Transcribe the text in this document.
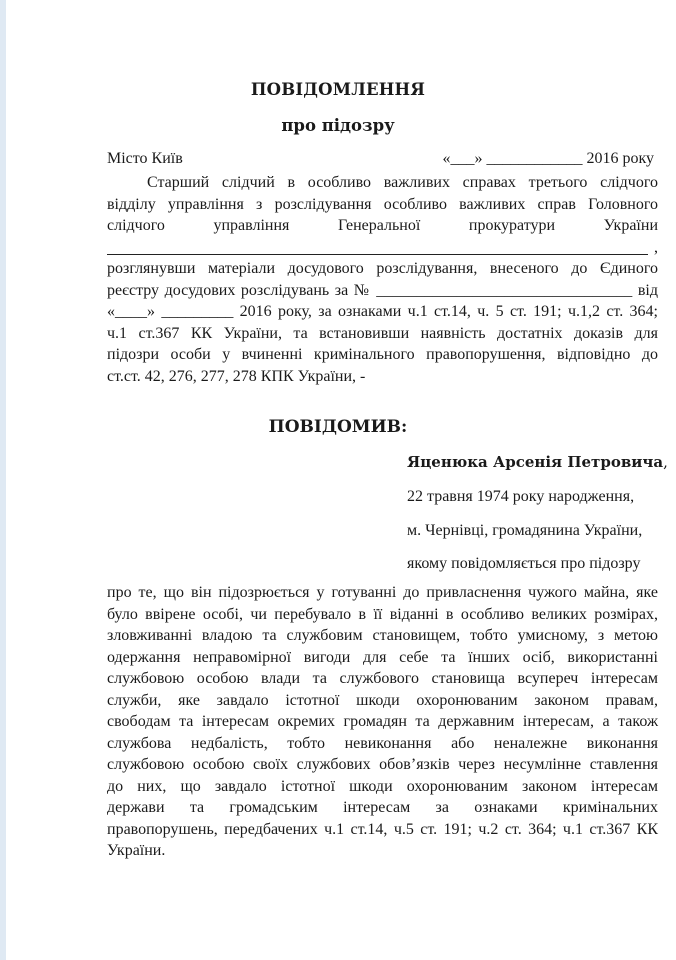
ПОВІДОМЛЕННЯ
про підозру
Місто Київ	«___» ____________ 2016 року
Старший слідчий в особливо важливих справах третього слідчого
відділу управління з розслідування особливо важливих справ Головного
слідчого управління Генеральної прокуратури України
,
розглянувши матеріали досудового розслідування, внесеного до Єдиного
реєстру досудових розслідувань за № ________________________________ від
«____» _________ 2016 року, за ознаками ч.1 ст.14, ч. 5 ст. 191; ч.1,2 ст. 364;
ч.1 ст.367 КК України, та встановивши наявність достатніх доказів для
підозри особи у вчиненні кримінального правопорушення, відповідно до
ст.ст. 42, 276, 277, 278 КПК України, -
ПОВІДОМИВ:
Яценюка Арсенія Петровича,
22 травня 1974 року народження,
м. Чернівці, громадянина України,
якому повідомляється про підозру
про те, що він підозрюється у готуванні до привласнення чужого майна, яке
було ввірене особі, чи перебувало в її віданні в особливо великих розмірах,
зловживанні владою та службовим становищем, тобто умисному, з метою
одержання неправомірної вигоди для себе та їнших осіб, використанні
службовою особою влади та службового становища всупереч інтересам
служби, яке завдало істотної шкоди охоронюваним законом правам,
свободам та інтересам окремих громадян та державним інтересам, а також
службова недбалість, тобто невиконання або неналежне виконання
службовою особою своїх службових обов’язків через несумлінне ставлення
до них, що завдало істотної шкоди охоронюваним законом інтересам
держави та громадським інтересам за ознаками кримінальних
правопорушень, передбачених ч.1 ст.14, ч.5 ст. 191; ч.2 ст. 364; ч.1 ст.367 КК
України.
